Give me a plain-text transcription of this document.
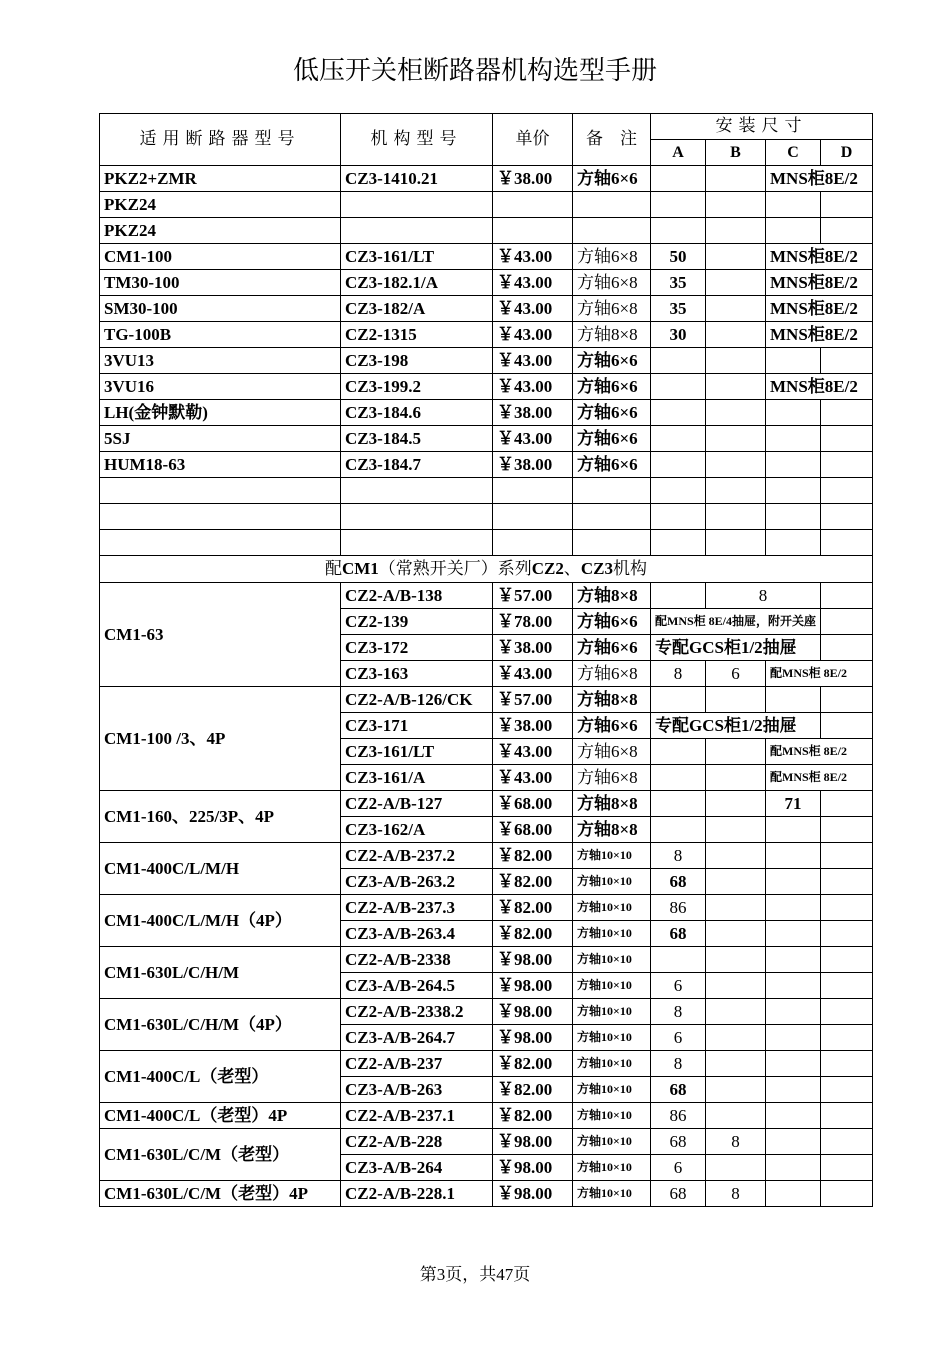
低压开关柜断路器机构选型手册
适用断路器型号	机构型号	单价	备　注	安装尺寸			
				A	B	C	D
PKZ2+ZMR	CZ3-1410.21	￥38.00	方轴6×6			MNS柜8E/2	
PKZ24							
PKZ24							
CM1-100	CZ3-161/LT	￥43.00	方轴6×8	50		MNS柜8E/2	
TM30-100	CZ3-182.1/A	￥43.00	方轴6×8	35		MNS柜8E/2	
SM30-100	CZ3-182/A	￥43.00	方轴6×8	35		MNS柜8E/2	
TG-100B	CZ2-1315	￥43.00	方轴8×8	30		MNS柜8E/2	
3VU13	CZ3-198	￥43.00	方轴6×6				
3VU16	CZ3-199.2	￥43.00	方轴6×6			MNS柜8E/2	
LH(金钟默勒)	CZ3-184.6	￥38.00	方轴6×6				
5SJ	CZ3-184.5	￥43.00	方轴6×6				
HUM18-63	CZ3-184.7	￥38.00	方轴6×6				

配CM1（常熟开关厂）系列CZ2、CZ3机构							
CM1-63	CZ2-A/B-138	￥57.00	方轴8×8		8		
	CZ2-139	￥78.00	方轴6×6	配MNS柜 8E/4抽屉，附开关座			
	CZ3-172	￥38.00	方轴6×6	专配GCS柜1/2抽屉			
	CZ3-163	￥43.00	方轴6×8	8	6	配MNS柜 8E/2	
CM1-100 /3、4P	CZ2-A/B-126/CK	￥57.00	方轴8×8				
	CZ3-171	￥38.00	方轴6×6	专配GCS柜1/2抽屉			
	CZ3-161/LT	￥43.00	方轴6×8			配MNS柜 8E/2	
	CZ3-161/A	￥43.00	方轴6×8			配MNS柜 8E/2	
CM1-160、225/3P、4P	CZ2-A/B-127	￥68.00	方轴8×8			71	
	CZ3-162/A	￥68.00	方轴8×8				
CM1-400C/L/M/H	CZ2-A/B-237.2	￥82.00	方轴10×10	8			
	CZ3-A/B-263.2	￥82.00	方轴10×10	68			
CM1-400C/L/M/H（4P）	CZ2-A/B-237.3	￥82.00	方轴10×10	86			
	CZ3-A/B-263.4	￥82.00	方轴10×10	68			
CM1-630L/C/H/M	CZ2-A/B-2338	￥98.00	方轴10×10				
	CZ3-A/B-264.5	￥98.00	方轴10×10	6			
CM1-630L/C/H/M（4P）	CZ2-A/B-2338.2	￥98.00	方轴10×10	8			
	CZ3-A/B-264.7	￥98.00	方轴10×10	6			
CM1-400C/L（老型）	CZ2-A/B-237	￥82.00	方轴10×10	8			
	CZ3-A/B-263	￥82.00	方轴10×10	68			
CM1-400C/L（老型）4P	CZ2-A/B-237.1	￥82.00	方轴10×10	86			
CM1-630L/C/M（老型）	CZ2-A/B-228	￥98.00	方轴10×10	68	8		
	CZ3-A/B-264	￥98.00	方轴10×10	6			
CM1-630L/C/M（老型）4P	CZ2-A/B-228.1	￥98.00	方轴10×10	68	8		
第3页，共47页
